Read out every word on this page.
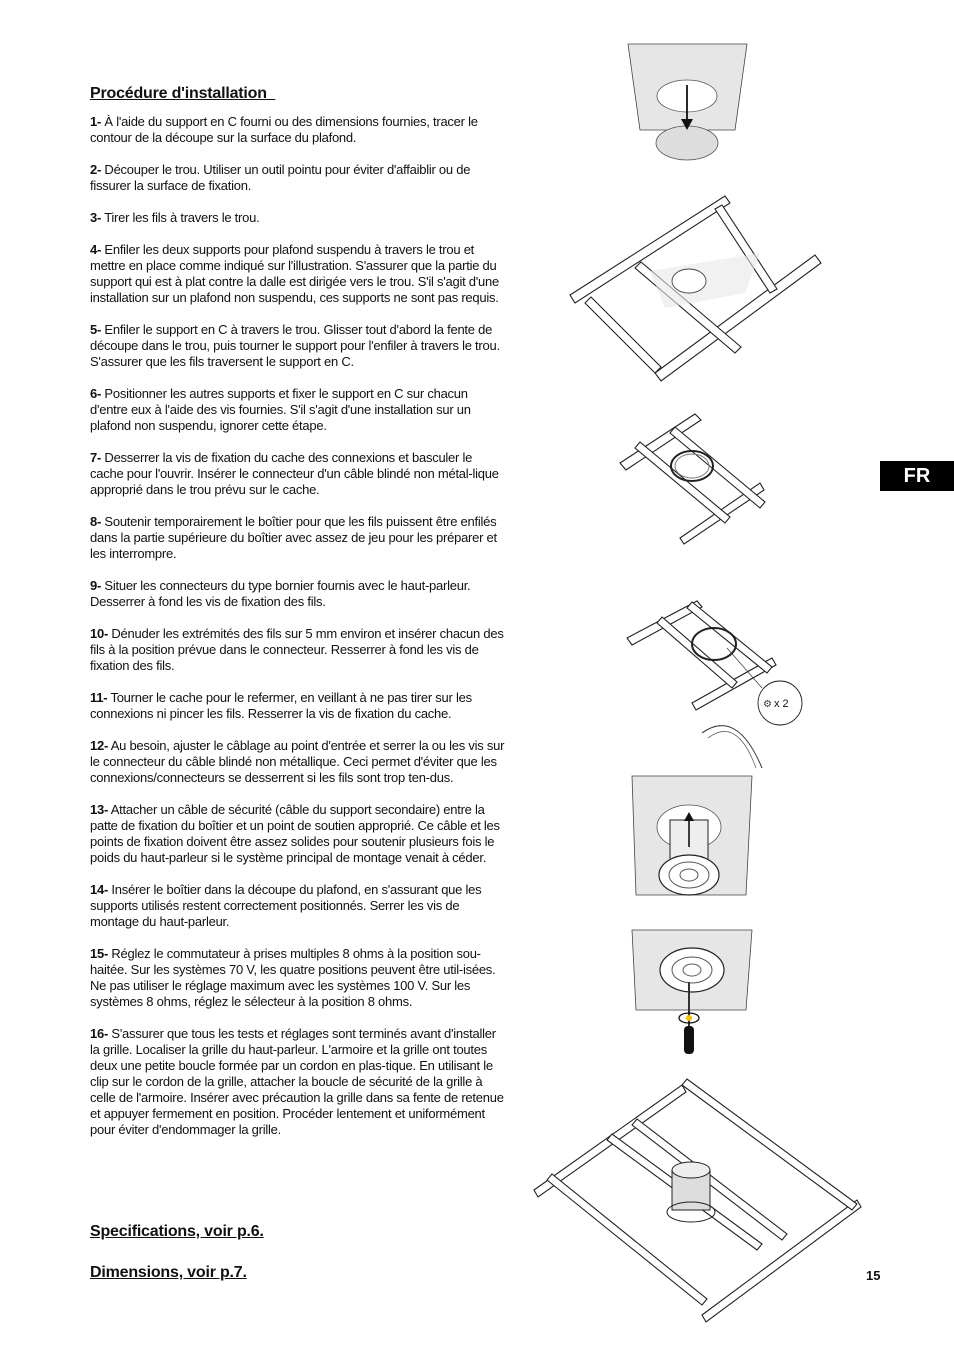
Procédure d'installation
1- À l'aide du support en C fourni ou des dimensions fournies, tracer le contour de la découpe sur la surface du plafond.
2- Découper le trou. Utiliser un outil pointu pour éviter d'affaiblir ou de fissurer la surface de fixation.
3- Tirer les fils à travers le trou.
4- Enfiler les deux supports pour plafond suspendu à travers le trou et mettre en place comme indiqué sur l'illustration. S'assurer que la partie du support qui est à plat contre la dalle est dirigée vers le trou. S'il s'agit d'une installation sur un plafond non suspendu, ces supports ne sont pas requis.
5- Enfiler le support en C à travers le trou. Glisser tout d'abord la fente de découpe dans le trou, puis tourner le support pour l'enfiler à travers le trou. S'assurer que les fils traversent le support en C.
6- Positionner les autres supports et fixer le support en C sur chacun d'entre eux à l'aide des vis fournies. S'il s'agit d'une installation sur un plafond non suspendu, ignorer cette étape.
7- Desserrer la vis de fixation du cache des connexions et basculer le cache pour l'ouvrir. Insérer le connecteur d'un câble blindé non métal-lique approprié dans le trou prévu sur le cache.
8- Soutenir temporairement le boîtier pour que les fils puissent être enfilés dans la partie supérieure du boîtier avec assez de jeu pour les préparer et les interrompre.
9- Situer les connecteurs du type bornier fournis avec le haut-parleur. Desserrer à fond les vis de fixation des fils.
10- Dénuder les extrémités des fils sur 5 mm environ et insérer chacun des fils à la position prévue dans le connecteur. Resserrer à fond les vis de fixation des fils.
11- Tourner le cache pour le refermer, en veillant à ne pas tirer sur les connexions ni pincer les fils. Resserrer la vis de fixation du cache.
12- Au besoin, ajuster le câblage au point d'entrée et serrer la ou les vis sur le connecteur du câble blindé non métallique. Ceci permet d'éviter que les connexions/connecteurs se desserrent si les fils sont trop ten-dus.
13- Attacher un câble de sécurité (câble du support secondaire) entre la patte de fixation du boîtier et un point de soutien approprié. Ce câble et les points de fixation doivent être assez solides pour soutenir plusieurs fois le poids du haut-parleur si le système principal de montage venait à céder.
14- Insérer le boîtier dans la découpe du plafond, en s'assurant que les supports utilisés restent correctement positionnés. Serrer les vis de montage du haut-parleur.
15- Réglez le commutateur à prises multiples 8 ohms à la position sou-haitée. Sur les systèmes 70 V, les quatre positions peuvent être util-isées. Ne pas utiliser le réglage maximum avec les systèmes 100 V. Sur les systèmes 8 ohms, réglez le sélecteur à la position 8 ohms.
16- S'assurer que tous les tests et réglages sont terminés avant d'installer la grille. Localiser la grille du haut-parleur. L'armoire et la grille ont toutes deux une petite boucle formée par un cordon en plas-tique. En utilisant le clip sur le cordon de la grille, attacher la boucle de sécurité de la grille à celle de l'armoire. Insérer avec précaution la grille dans sa fente de retenue et appuyer fermement en position. Procéder lentement et uniformément pour éviter d'endommager la grille.
Specifications, voir p.6.
Dimensions, voir p.7.
FR
15
x 2
⚙
